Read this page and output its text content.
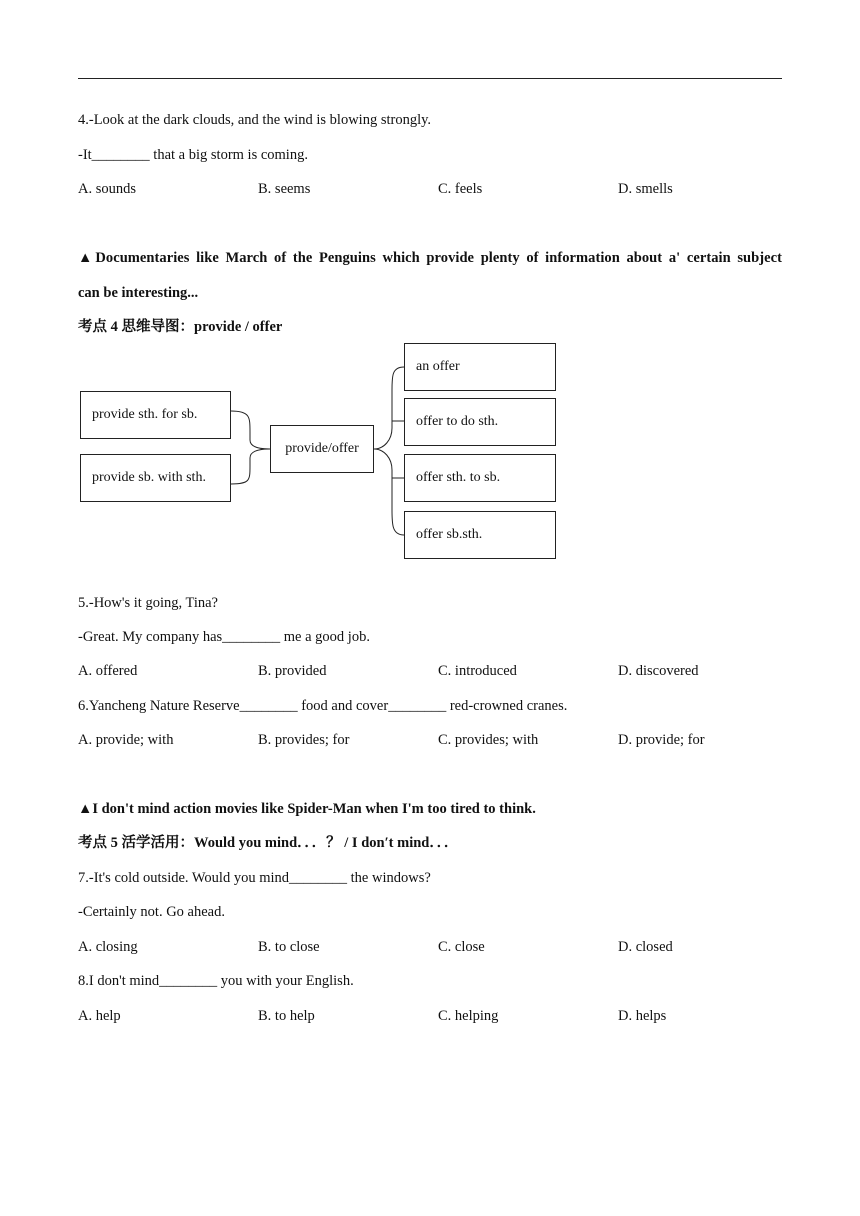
4.-Look at the dark clouds, and the wind is blowing strongly.
-It________ that a big storm is coming.
A. sounds	B. seems	C. feels	D. smells
▲Documentaries like March of the Penguins which provide plenty of information about a' certain subject
can be interesting...
考点 4 思维导图：provide / offer
provide sth. for sb.
provide sb. with sth.
provide/offer
an offer
offer to do sth.
offer sth. to sb.
offer sb.sth.
5.-How's it going, Tina?
-Great. My company has________ me a good job.
A. offered	B. provided	C. introduced	D. discovered
6.Yancheng Nature Reserve________ food and cover________ red-crowned cranes.
A. provide; with	B. provides; for	C. provides; with	D. provide; for
▲I don't mind action movies like Spider-Man when I'm too tired to think.
考点 5 活学活用：Would you mind．．．？ / I don′t mind．．．
7.-It's cold outside. Would you mind________ the windows?
-Certainly not. Go ahead.
A. closing	B. to close	C. close	D. closed
8.I don't mind________ you with your English.
A. help	B. to help	C. helping	D. helps
